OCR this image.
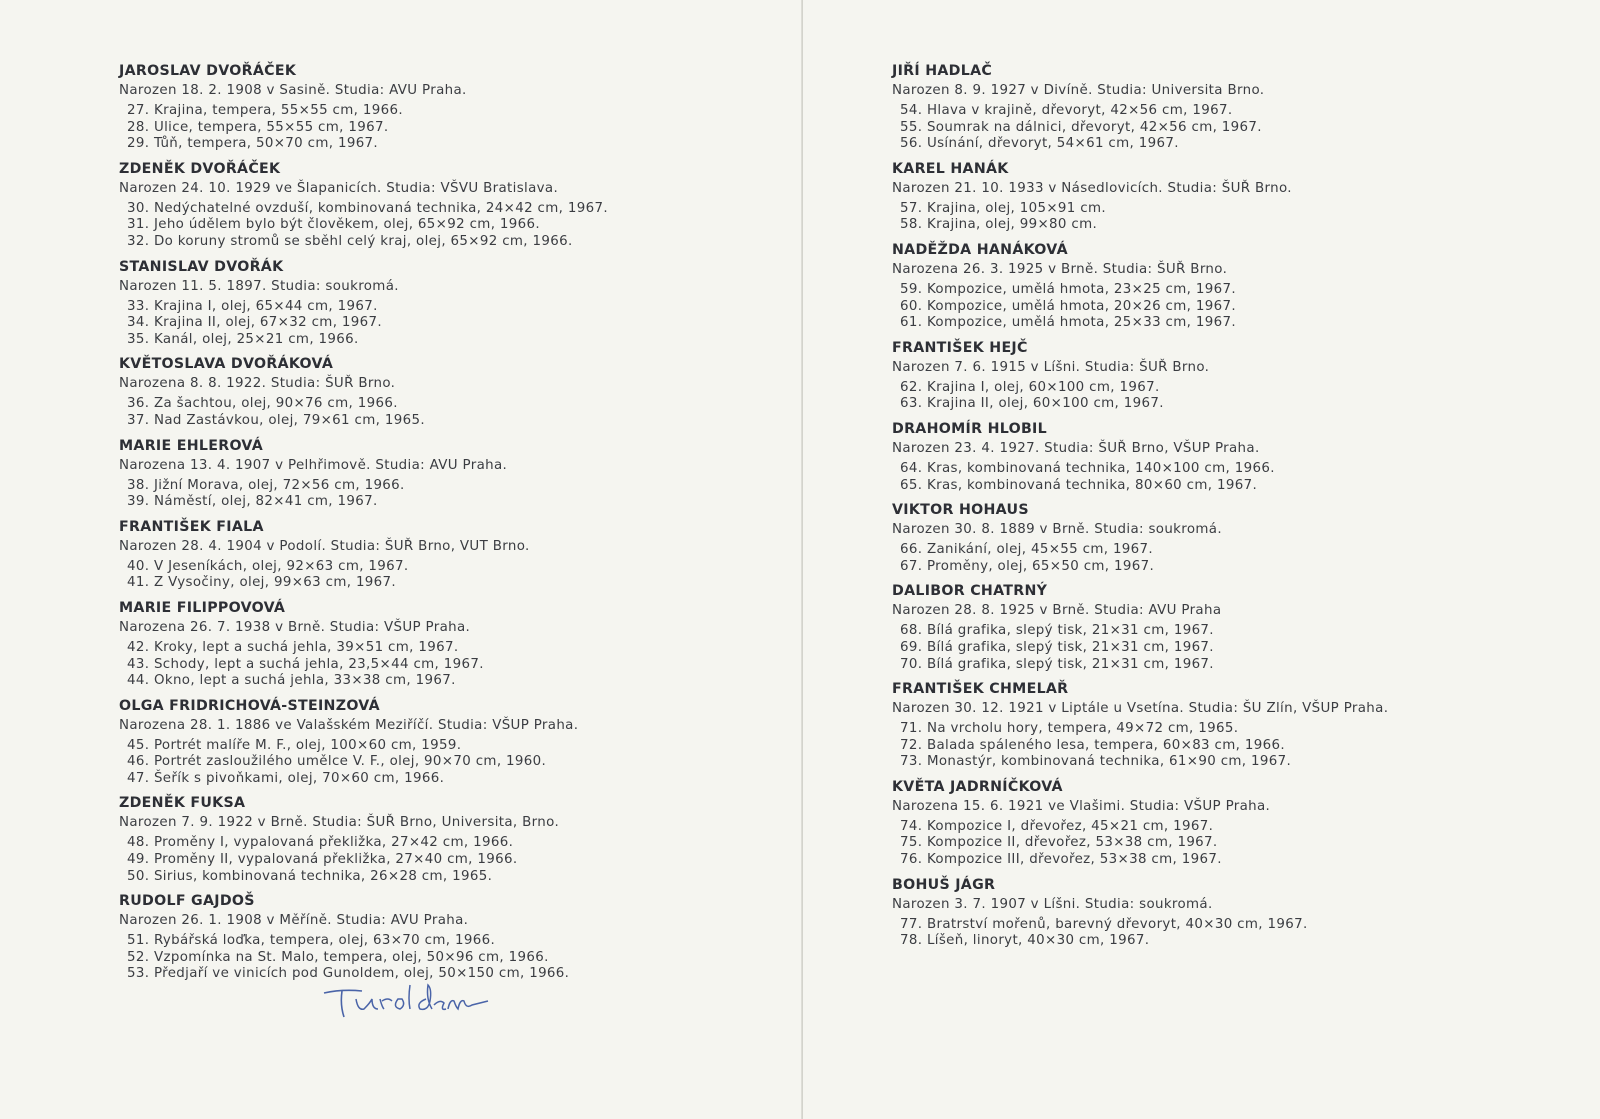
JAROSLAV DVOŘÁČEK
Narozen 18. 2. 1908 v Sasině. Studia: AVU Praha.
27. Krajina, tempera, 55×55 cm, 1966.
28. Ulice, tempera, 55×55 cm, 1967.
29. Tůň, tempera, 50×70 cm, 1967.
ZDENĚK DVOŘÁČEK
Narozen 24. 10. 1929 ve Šlapanicích. Studia: VŠVU Bratislava.
30. Nedýchatelné ovzduší, kombinovaná technika, 24×42 cm, 1967.
31. Jeho údělem bylo být člověkem, olej, 65×92 cm, 1966.
32. Do koruny stromů se sběhl celý kraj, olej, 65×92 cm, 1966.
STANISLAV DVOŘÁK
Narozen 11. 5. 1897. Studia: soukromá.
33. Krajina I, olej, 65×44 cm, 1967.
34. Krajina II, olej, 67×32 cm, 1967.
35. Kanál, olej, 25×21 cm, 1966.
KVĚTOSLAVA DVOŘÁKOVÁ
Narozena 8. 8. 1922. Studia: ŠUŘ Brno.
36. Za šachtou, olej, 90×76 cm, 1966.
37. Nad Zastávkou, olej, 79×61 cm, 1965.
MARIE EHLEROVÁ
Narozena 13. 4. 1907 v Pelhřimově. Studia: AVU Praha.
38. Jižní Morava, olej, 72×56 cm, 1966.
39. Náměstí, olej, 82×41 cm, 1967.
FRANTIŠEK FIALA
Narozen 28. 4. 1904 v Podolí. Studia: ŠUŘ Brno, VUT Brno.
40. V Jeseníkách, olej, 92×63 cm, 1967.
41. Z Vysočiny, olej, 99×63 cm, 1967.
MARIE FILIPPOVOVÁ
Narozena 26. 7. 1938 v Brně. Studia: VŠUP Praha.
42. Kroky, lept a suchá jehla, 39×51 cm, 1967.
43. Schody, lept a suchá jehla, 23,5×44 cm, 1967.
44. Okno, lept a suchá jehla, 33×38 cm, 1967.
OLGA FRIDRICHOVÁ-STEINZOVÁ
Narozena 28. 1. 1886 ve Valašském Meziříčí. Studia: VŠUP Praha.
45. Portrét malíře M. F., olej, 100×60 cm, 1959.
46. Portrét zasloužilého umělce V. F., olej, 90×70 cm, 1960.
47. Šeřík s pivoňkami, olej, 70×60 cm, 1966.
ZDENĚK FUKSA
Narozen 7. 9. 1922 v Brně. Studia: ŠUŘ Brno, Universita, Brno.
48. Proměny I, vypalovaná překližka, 27×42 cm, 1966.
49. Proměny II, vypalovaná překližka, 27×40 cm, 1966.
50. Sirius, kombinovaná technika, 26×28 cm, 1965.
RUDOLF GAJDOŠ
Narozen 26. 1. 1908 v Měříně. Studia: AVU Praha.
51. Rybářská loďka, tempera, olej, 63×70 cm, 1966.
52. Vzpomínka na St. Malo, tempera, olej, 50×96 cm, 1966.
53. Předjaří ve vinicích pod Gunoldem, olej, 50×150 cm, 1966.
JIŘÍ HADLAČ
Narozen 8. 9. 1927 v Divíně. Studia: Universita Brno.
54. Hlava v krajině, dřevoryt, 42×56 cm, 1967.
55. Soumrak na dálnici, dřevoryt, 42×56 cm, 1967.
56. Usínání, dřevoryt, 54×61 cm, 1967.
KAREL HANÁK
Narozen 21. 10. 1933 v Násedlovicích. Studia: ŠUŘ Brno.
57. Krajina, olej, 105×91 cm.
58. Krajina, olej, 99×80 cm.
NADĚŽDA HANÁKOVÁ
Narozena 26. 3. 1925 v Brně. Studia: ŠUŘ Brno.
59. Kompozice, umělá hmota, 23×25 cm, 1967.
60. Kompozice, umělá hmota, 20×26 cm, 1967.
61. Kompozice, umělá hmota, 25×33 cm, 1967.
FRANTIŠEK HEJČ
Narozen 7. 6. 1915 v Líšni. Studia: ŠUŘ Brno.
62. Krajina I, olej, 60×100 cm, 1967.
63. Krajina II, olej, 60×100 cm, 1967.
DRAHOMÍR HLOBIL
Narozen 23. 4. 1927. Studia: ŠUŘ Brno, VŠUP Praha.
64. Kras, kombinovaná technika, 140×100 cm, 1966.
65. Kras, kombinovaná technika, 80×60 cm, 1967.
VIKTOR HOHAUS
Narozen 30. 8. 1889 v Brně. Studia: soukromá.
66. Zanikání, olej, 45×55 cm, 1967.
67. Proměny, olej, 65×50 cm, 1967.
DALIBOR CHATRNÝ
Narozen 28. 8. 1925 v Brně. Studia: AVU Praha
68. Bílá grafika, slepý tisk, 21×31 cm, 1967.
69. Bílá grafika, slepý tisk, 21×31 cm, 1967.
70. Bílá grafika, slepý tisk, 21×31 cm, 1967.
FRANTIŠEK CHMELAŘ
Narozen 30. 12. 1921 v Liptále u Vsetína. Studia: ŠU Zlín, VŠUP Praha.
71. Na vrcholu hory, tempera, 49×72 cm, 1965.
72. Balada spáleného lesa, tempera, 60×83 cm, 1966.
73. Monastýr, kombinovaná technika, 61×90 cm, 1967.
KVĚTA JADRNÍČKOVÁ
Narozena 15. 6. 1921 ve Vlašimi. Studia: VŠUP Praha.
74. Kompozice I, dřevořez, 45×21 cm, 1967.
75. Kompozice II, dřevořez, 53×38 cm, 1967.
76. Kompozice III, dřevořez, 53×38 cm, 1967.
BOHUŠ JÁGR
Narozen 3. 7. 1907 v Líšni. Studia: soukromá.
77. Bratrství mořenů, barevný dřevoryt, 40×30 cm, 1967.
78. Líšeň, linoryt, 40×30 cm, 1967.
